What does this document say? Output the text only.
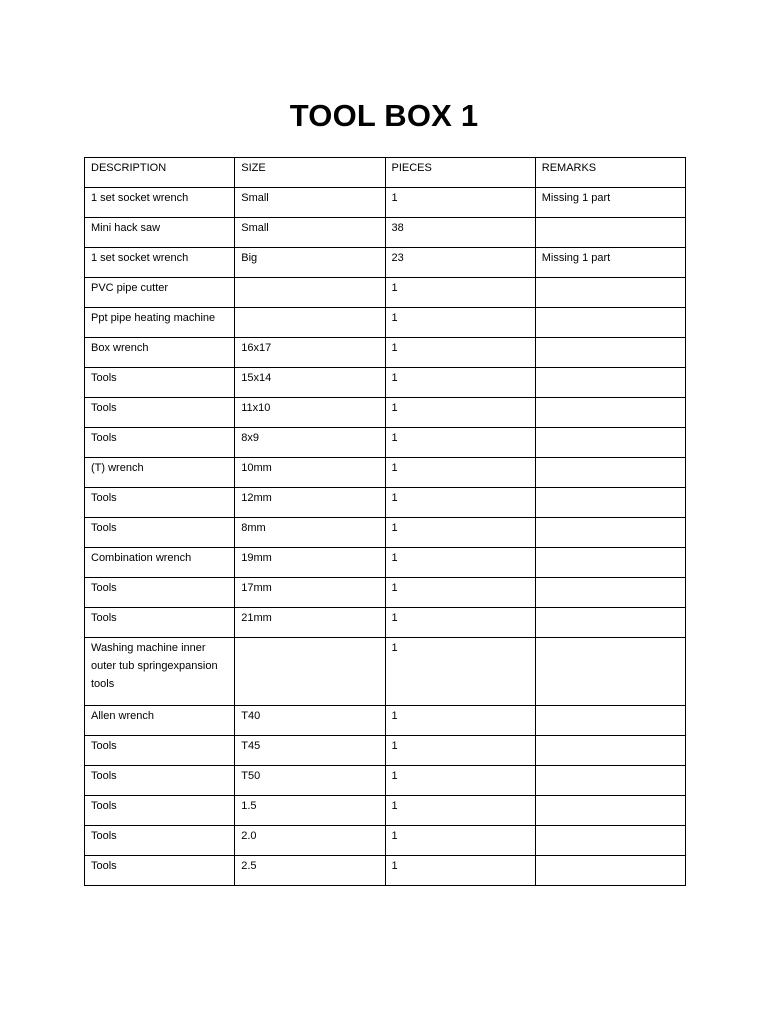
TOOL BOX 1
DESCRIPTION	SIZE	PIECES	REMARKS
1 set socket wrench	Small	1	Missing 1 part
Mini hack saw	Small	38	
1 set socket wrench	Big	23	Missing 1 part
PVC pipe cutter		1	
Ppt pipe heating machine		1	
Box wrench	16x17	1	
Tools	15x14	1	
Tools	11x10	1	
Tools	8x9	1	
(T) wrench	10mm	1	
Tools	12mm	1	
Tools	8mm	1	
Combination wrench	19mm	1	
Tools	17mm	1	
Tools	21mm	1	
Washing machine inner outer tub springexpansion tools		1	
Allen wrench	T40	1	
Tools	T45	1	
Tools	T50	1	
Tools	1.5	1	
Tools	2.0	1	
Tools	2.5	1	
